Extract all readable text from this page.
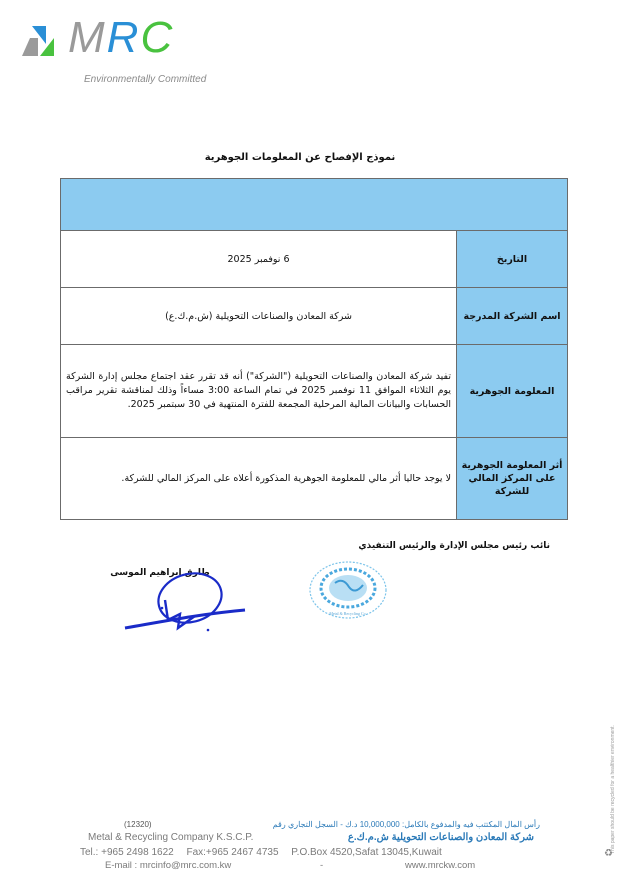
MRC
Environmentally Committed
نموذج الإفصاح عن المعلومات الجوهرية

التاريخ	6 نوفمبر 2025
اسم الشركة المدرجة	شركة المعادن والصناعات التحويلية (ش.م.ك.ع)
المعلومة الجوهرية	تفيد شركة المعادن والصناعات التحويلية ("الشركة") أنه قد تقرر عقد اجتماع مجلس إدارة الشركة يوم الثلاثاء الموافق 11 نوفمبر 2025 في تمام الساعة 3:00 مساءاً وذلك لمناقشة تقرير مراقب الحسابات والبيانات المالية المرحلية المجمعة للفترة المنتهية في 30 سبتمبر 2025.
أثر المعلومة الجوهرية على المركز المالي للشركة	لا يوجد حاليا أثر مالي للمعلومة الجوهرية المذكورة أعلاه على المركز المالي للشركة.
نائب رئيس مجلس الإدارة والرئيس التنفيذي
طارق ابراهيم الموسى
Metal & Recycling Co.
This paper should be recycled for a healthier environment.
♻
(12320)	رأس المال المكتتب فيه والمدفوع بالكامل: 10,000,000 د.ك - السجل التجاري رقم
Metal & Recycling Company K.S.C.P.	شركة المعادن والصناعات التحويلية ش.م.ك.ع
Tel.: +965 2498 1622 Fax:+965 2467 4735 P.O.Box 4520,Safat 13045,Kuwait
E-mail : mrcinfo@mrc.com.kw	-	www.mrckw.com
